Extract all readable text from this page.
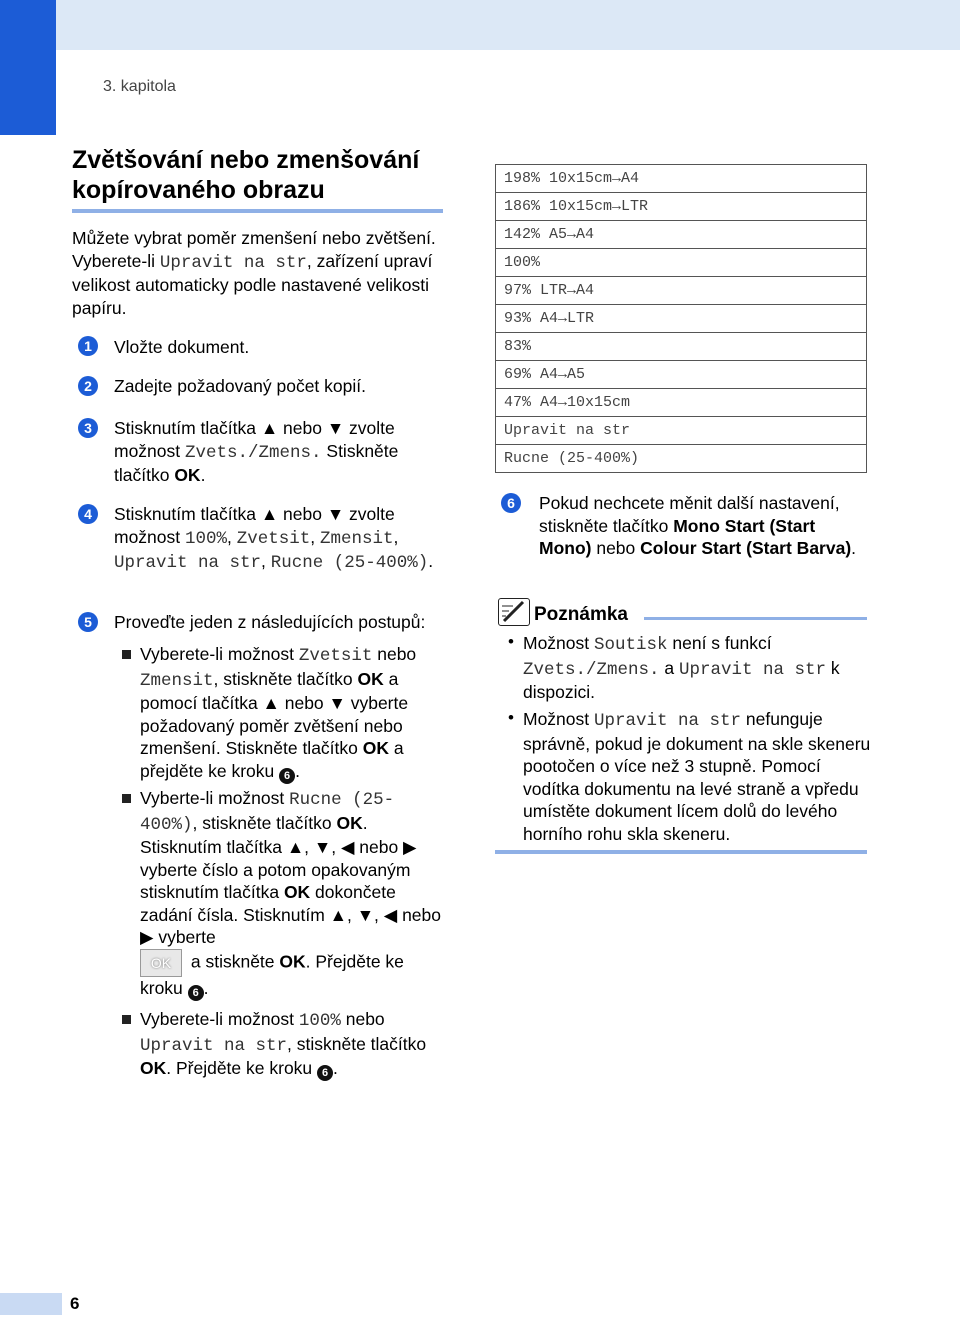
3. kapitola
Zvětšování nebo zmenšování kopírovaného obrazu
Můžete vybrat poměr zmenšení nebo zvětšení. Vyberete-li Upravit na str, zařízení upraví velikost automaticky podle nastavené velikosti papíru.
1	Vložte dokument.
2	Zadejte požadovaný počet kopií.
3	Stisknutím tlačítka ▲ nebo ▼ zvolte možnost Zvets./Zmens. Stiskněte tlačítko OK.
4	Stisknutím tlačítka ▲ nebo ▼ zvolte možnost 100%, Zvetsit, Zmensit, Upravit na str, Rucne (25-400%).
5	Proveďte jeden z následujících postupů:
Vyberete-li možnost Zvetsit nebo Zmensit, stiskněte tlačítko OK a pomocí tlačítka ▲ nebo ▼ vyberte požadovaný poměr zvětšení nebo zmenšení. Stiskněte tlačítko OK a přejděte ke kroku 6 .
Vyberte-li možnost Rucne (25-400%), stiskněte tlačítko OK. Stisknutím tlačítka ▲, ▼, ◀ nebo ▶ vyberte číslo a potom opakovaným stisknutím tlačítka OK dokončete zadání čísla. Stisknutím ▲, ▼, ◀ nebo ▶ vyberte
OK a stiskněte OK. Přejděte ke kroku 6 .
Vyberete-li možnost 100% nebo Upravit na str, stiskněte tlačítko OK. Přejděte ke kroku 6 .
198% 10x15cm→A4
186% 10x15cm→LTR
142% A5→A4
100%
97% LTR→A4
93% A4→LTR
83%
69% A4→A5
47% A4→10x15cm
Upravit na str
Rucne (25-400%)
6	Pokud nechcete měnit další nastavení, stiskněte tlačítko Mono Start (Start Mono) nebo Colour Start (Start Barva).
Poznámka
• Možnost Soutisk není s funkcí Zvets./Zmens. a Upravit na str k dispozici.
• Možnost Upravit na str nefunguje správně, pokud je dokument na skle skeneru pootočen o více než 3 stupně. Pomocí vodítka dokumentu na levé straně a vpředu umístěte dokument lícem dolů do levého horního rohu skla skeneru.
6
